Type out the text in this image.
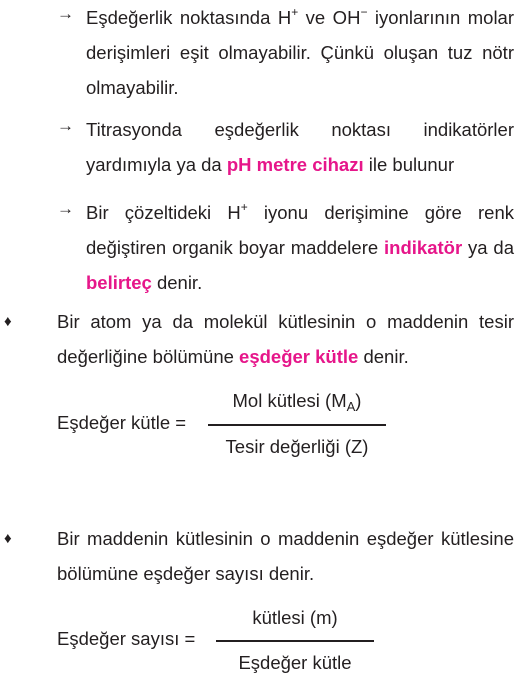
→ Eşdeğerlik noktasında H+ ve OH− iyonlarının molar derişimleri eşit olmayabilir. Çünkü oluşan tuz nötr olmayabilir.
→ Titrasyonda eşdeğerlik noktası indikatörler yardımıyla ya da pH metre cihazı ile bulunur
→ Bir çözeltideki H+ iyonu derişimine göre renk değiştiren organik boyar maddelere indikatör ya da belirteç denir.
♦ Bir atom ya da molekül kütlesinin o maddenin tesir değerliğine bölümüne eşdeğer kütle denir.
Eşdeğer kütle =
Mol kütlesi $(M_A)$
Tesir değerliği (Z)
♦ Bir maddenin kütlesinin o maddenin eşdeğer kütlesine bölümüne eşdeğer sayısı denir.
Eşdeğer sayısı =
kütlesi (m)
Eşdeğer kütle
